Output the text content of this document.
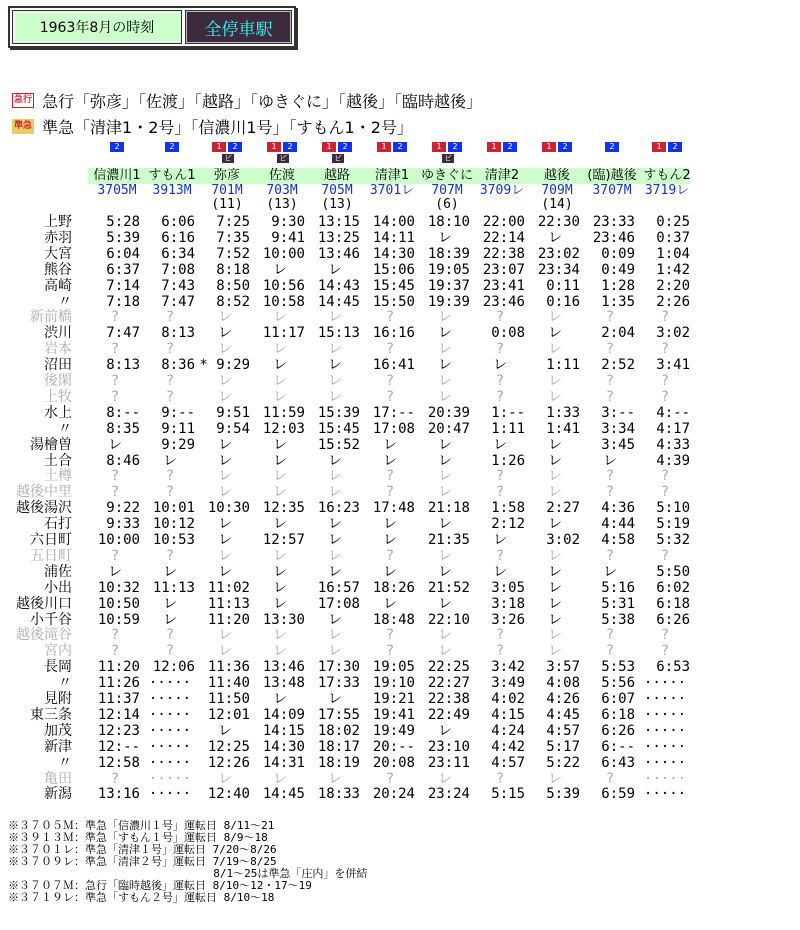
1963年8月の時刻	全停車駅
急行 急行「弥彦」「佐渡」「越路」「ゆきぐに」「越後」「臨時越後」
準急 準急「清津1・2号」「信濃川1号」「すもん1・2号」
2
信濃川1
3705M
2
すもん1
3913M
1	2
ビ
弥彦
701M
(11)
1	2
ビ
佐渡
703M
(13)
1	2
ビ
越路
705M
(13)
1	2
清津1
3701レ
1	2
ビ
ゆきぐに
707M
(6)
1	2
清津2
3709レ
1	2
越後
709M
(14)
2
(臨)越後
3707M
1	2
すもん2
3719レ
上野	5:28	6:06	7:25	9:30 13:15 14:00 18:10 22:00 22:30 23:33	0:25
赤羽	5:39	6:16	7:35	9:41 13:25 14:11	レ	22:14	レ	23:46	0:37
大宮	6:04	6:34	7:52 10:00 13:46 14:30 18:39 22:38 23:02	0:09	1:04
熊谷	6:37	7:08	8:18	レ	レ	15:06 19:05 23:07 23:34	0:49	1:42
高崎	7:14	7:43	8:50 10:56 14:43 15:45 19:37 23:41	0:11	1:28	2:20
〃	7:18	7:47	8:52 10:58 14:45 15:50 19:39 23:46	0:16	1:35	2:26
新前橋	?	?	レ	レ	レ	?	レ	?	レ	?	?
渋川	7:47	8:13	レ	11:17 15:13 16:16	レ	0:08	レ	2:04	3:02
岩本	?	?	レ	レ	レ	?	レ	?	レ	?	?
沼田	8:13	8:36 * 9:29	レ	レ	16:41	レ	レ	1:11	2:52	3:41
後閑	?	?	レ	レ	レ	?	レ	?	レ	?	?
上牧	?	?	レ	レ	レ	?	レ	?	レ	?	?
水上	8:--	9:--	9:51 11:59 15:39 17:-- 20:39	1:--	1:33	3:--	4:--
〃	8:35	9:11	9:54 12:03 15:45 17:08 20:47	1:11	1:41	3:34	4:17
湯檜曽	レ	9:29	レ	レ	15:52	レ	レ	レ	レ	3:45	4:33
土合	8:46	レ	レ	レ	レ	レ	レ	1:26	レ	レ	4:39
土樽	?	?	レ	レ	レ	?	レ	?	レ	?	?
越後中里	?	?	レ	レ	レ	?	レ	?	レ	?	?
越後湯沢	9:22 10:01 10:30 12:35 16:23 17:48 21:18	1:58	2:27	4:36	5:10
石打	9:33 10:12	レ	レ	レ	レ	レ	2:12	レ	4:44	5:19
六日町	10:00 10:53	レ	12:57	レ	レ	21:35	レ	3:02	4:58	5:32
五日町	?	?	レ	レ	レ	?	レ	?	レ	?	?
浦佐	レ	レ	レ	レ	レ	レ	レ	レ	レ	レ	5:50
小出	10:32 11:13 11:02	レ	16:57 18:26 21:52	3:05	レ	5:16	6:02
越後川口	10:50	レ	11:13	レ	17:08	レ	レ	3:18	レ	5:31	6:18
小千谷	10:59	レ	11:20 13:30	レ	18:48 22:10	3:26	レ	5:38	6:26
越後滝谷	?	?	レ	レ	レ	?	レ	?	レ	?	?
宮内	?	?	レ	レ	レ	?	レ	?	レ	?	?
長岡	11:20 12:06 11:36 13:46 17:30 19:05 22:25	3:42	3:57	5:53	6:53
〃	11:26 ·····	11:40 13:48 17:33 19:10 22:27	3:49	4:08	5:56 ·····
見附	11:37 ·····	11:50	レ	レ	19:21 22:38	4:02	4:26	6:07 ·····
東三条	12:14 ·····	12:01 14:09 17:55 19:41 22:49	4:15	4:45	6:18 ·····
加茂	12:23 ·····	レ	14:15 18:02 19:49	レ	4:24	4:57	6:26 ·····
新津	12:-- ·····	12:25 14:30 18:17 20:-- 23:10	4:42	5:17	6:-- ·····
〃	12:58 ·····	12:26 14:31 18:19 20:08 23:11	4:57	5:22	6:43 ·····
亀田	?	·····	レ	レ	レ	?	レ	?	レ	?	·····
新潟	13:16 ·····	12:40 14:45 18:33 20:24 23:24	5:15	5:39	6:59 ·····
※３７０５Ｍ：準急「信濃川１号」運転日 8/11〜21
※３９１３Ｍ：準急「すもん１号」運転日 8/9〜18
※３７０１レ：準急「清津１号」運転日 7/20〜8/26
※３７０９レ：準急「清津２号」運転日 7/19〜8/25
8/1〜25は準急「庄内」を併結
※３７０７Ｍ：急行「臨時越後」運転日 8/10〜12・17〜19
※３７１９レ：準急「すもん２号」運転日 8/10〜18
